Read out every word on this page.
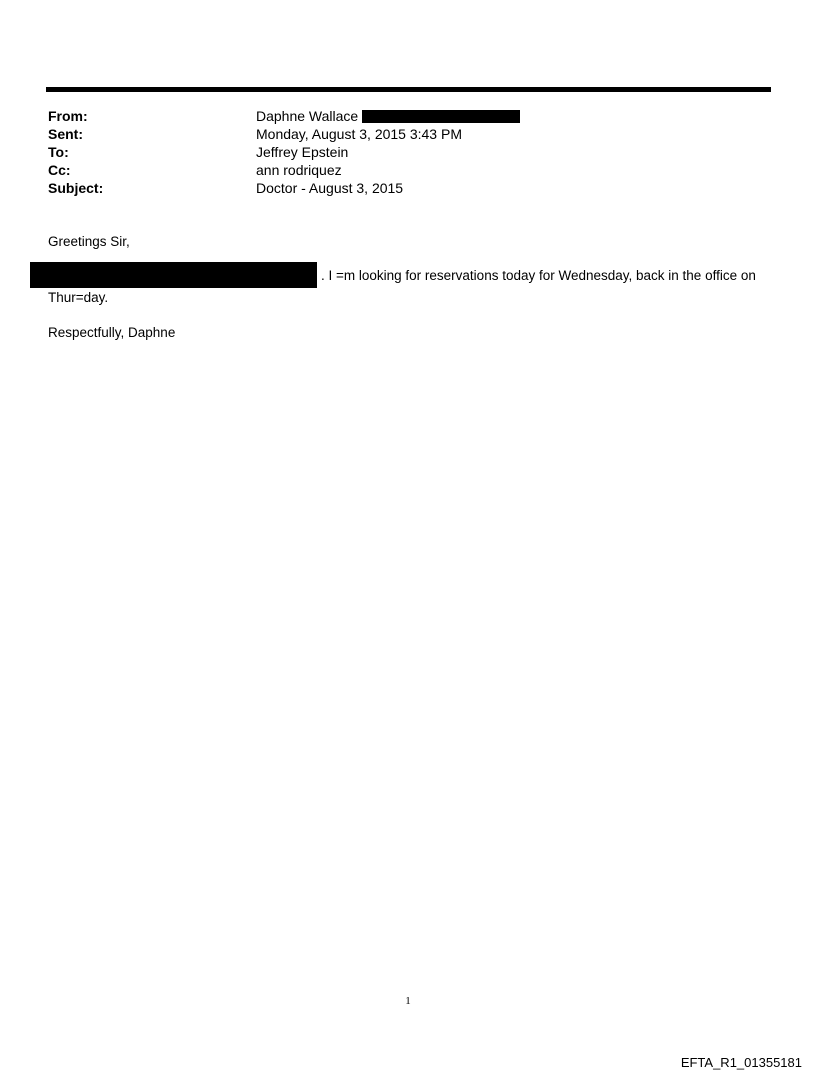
From:	Daphne Wallace
Sent:	Monday, August 3, 2015 3:43 PM
To:	Jeffrey Epstein
Cc:	ann rodriquez
Subject:	Doctor - August 3, 2015
Greetings Sir,
. I =m looking for reservations today for Wednesday, back in the office on
Thur=day.
Respectfully, Daphne
1
EFTA_R1_01355181
